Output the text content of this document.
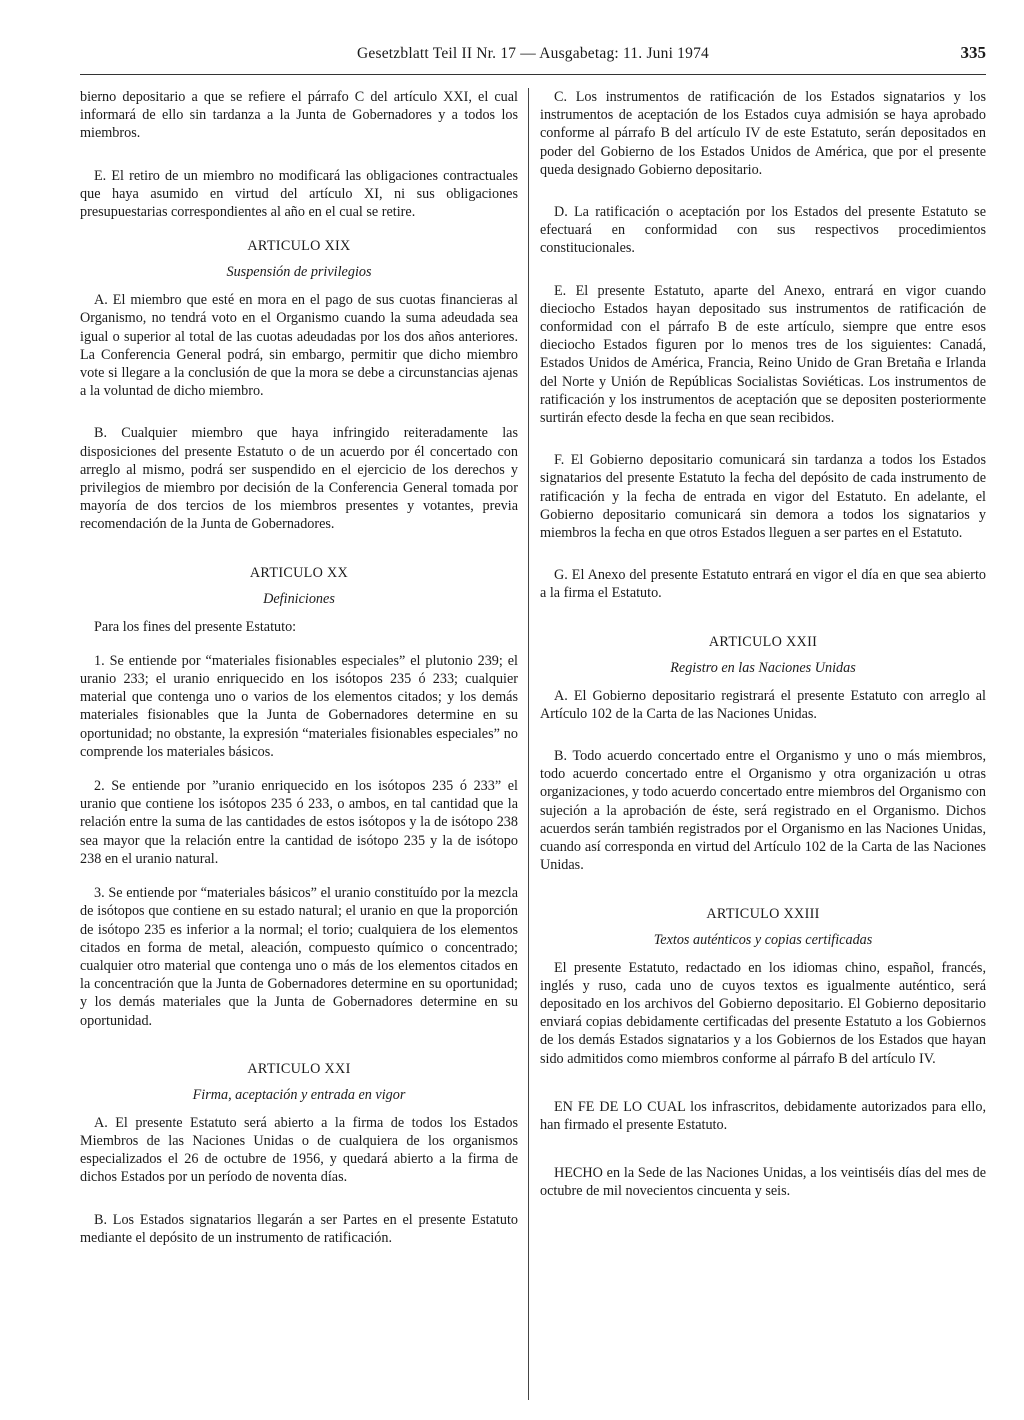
Gesetzblatt Teil II Nr. 17 — Ausgabetag: 11. Juni 1974	335

bierno depositario a que se refiere el párrafo C del artículo XXI, el cual informará de ello sin tardanza a la Junta de Gobernadores y a todos los miembros.

E. El retiro de un miembro no modificará las obligaciones contractuales que haya asumido en virtud del artículo XI, ni sus obligaciones presupuestarias correspondientes al año en el cual se retire.

ARTICULO XIX
Suspensión de privilegios

A. El miembro que esté en mora en el pago de sus cuotas financieras al Organismo, no tendrá voto en el Organismo cuando la suma adeudada sea igual o superior al total de las cuotas adeudadas por los dos años anteriores. La Conferencia General podrá, sin embargo, permitir que dicho miembro vote si llegare a la conclusión de que la mora se debe a circunstancias ajenas a la voluntad de dicho miembro.

B. Cualquier miembro que haya infringido reiteradamente las disposiciones del presente Estatuto o de un acuerdo por él concertado con arreglo al mismo, podrá ser suspendido en el ejercicio de los derechos y privilegios de miembro por decisión de la Conferencia General tomada por mayoría de dos tercios de los miembros presentes y votantes, previa recomendación de la Junta de Gobernadores.

ARTICULO XX
Definiciones

Para los fines del presente Estatuto:

1. Se entiende por “materiales fisionables especiales” el plutonio 239; el uranio 233; el uranio enriquecido en los isótopos 235 ó 233; cualquier material que contenga uno o varios de los elementos citados; y los demás materiales fisionables que la Junta de Gobernadores determine en su oportunidad; no obstante, la expresión “materiales fisionables especiales” no comprende los materiales básicos.

2. Se entiende por ”uranio enriquecido en los isótopos 235 ó 233” el uranio que contiene los isótopos 235 ó 233, o ambos, en tal cantidad que la relación entre la suma de las cantidades de estos isótopos y la de isótopo 238 sea mayor que la relación entre la cantidad de isótopo 235 y la de isótopo 238 en el uranio natural.

3. Se entiende por “materiales básicos” el uranio constituído por la mezcla de isótopos que contiene en su estado natural; el uranio en que la proporción de isótopo 235 es inferior a la normal; el torio; cualquiera de los elementos citados en forma de metal, aleación, compuesto químico o concentrado; cualquier otro material que contenga uno o más de los elementos citados en la concentración que la Junta de Gobernadores determine en su oportunidad; y los demás materiales que la Junta de Gobernadores determine en su oportunidad.

ARTICULO XXI
Firma, aceptación y entrada en vigor

A. El presente Estatuto será abierto a la firma de todos los Estados Miembros de las Naciones Unidas o de cualquiera de los organismos especializados el 26 de octubre de 1956, y quedará abierto a la firma de dichos Estados por un período de noventa días.

B. Los Estados signatarios llegarán a ser Partes en el presente Estatuto mediante el depósito de un instrumento de ratificación.

C. Los instrumentos de ratificación de los Estados signatarios y los instrumentos de aceptación de los Estados cuya admisión se haya aprobado conforme al párrafo B del artículo IV de este Estatuto, serán depositados en poder del Gobierno de los Estados Unidos de América, que por el presente queda designado Gobierno depositario.

D. La ratificación o aceptación por los Estados del presente Estatuto se efectuará en conformidad con sus respectivos procedimientos constitucionales.

E. El presente Estatuto, aparte del Anexo, entrará en vigor cuando dieciocho Estados hayan depositado sus instrumentos de ratificación de conformidad con el párrafo B de este artículo, siempre que entre esos dieciocho Estados figuren por lo menos tres de los siguientes: Canadá, Estados Unidos de América, Francia, Reino Unido de Gran Bretaña e Irlanda del Norte y Unión de Repúblicas Socialistas Soviéticas. Los instrumentos de ratificación y los instrumentos de aceptación que se depositen posteriormente surtirán efecto desde la fecha en que sean recibidos.

F. El Gobierno depositario comunicará sin tardanza a todos los Estados signatarios del presente Estatuto la fecha del depósito de cada instrumento de ratificación y la fecha de entrada en vigor del Estatuto. En adelante, el Gobierno depositario comunicará sin demora a todos los signatarios y miembros la fecha en que otros Estados lleguen a ser partes en el Estatuto.

G. El Anexo del presente Estatuto entrará en vigor el día en que sea abierto a la firma el Estatuto.

ARTICULO XXII
Registro en las Naciones Unidas

A. El Gobierno depositario registrará el presente Estatuto con arreglo al Artículo 102 de la Carta de las Naciones Unidas.

B. Todo acuerdo concertado entre el Organismo y uno o más miembros, todo acuerdo concertado entre el Organismo y otra organización u otras organizaciones, y todo acuerdo concertado entre miembros del Organismo con sujeción a la aprobación de éste, será registrado en el Organismo. Dichos acuerdos serán también registrados por el Organismo en las Naciones Unidas, cuando así corresponda en virtud del Artículo 102 de la Carta de las Naciones Unidas.

ARTICULO XXIII
Textos auténticos y copias certificadas

El presente Estatuto, redactado en los idiomas chino, español, francés, inglés y ruso, cada uno de cuyos textos es igualmente auténtico, será depositado en los archivos del Gobierno depositario. El Gobierno depositario enviará copias debidamente certificadas del presente Estatuto a los Gobiernos de los demás Estados signatarios y a los Gobiernos de los Estados que hayan sido admitidos como miembros conforme al párrafo B del artículo IV.

EN FE DE LO CUAL los infrascritos, debidamente autorizados para ello, han firmado el presente Estatuto.

HECHO en la Sede de las Naciones Unidas, a los veintiséis días del mes de octubre de mil novecientos cincuenta y seis.
